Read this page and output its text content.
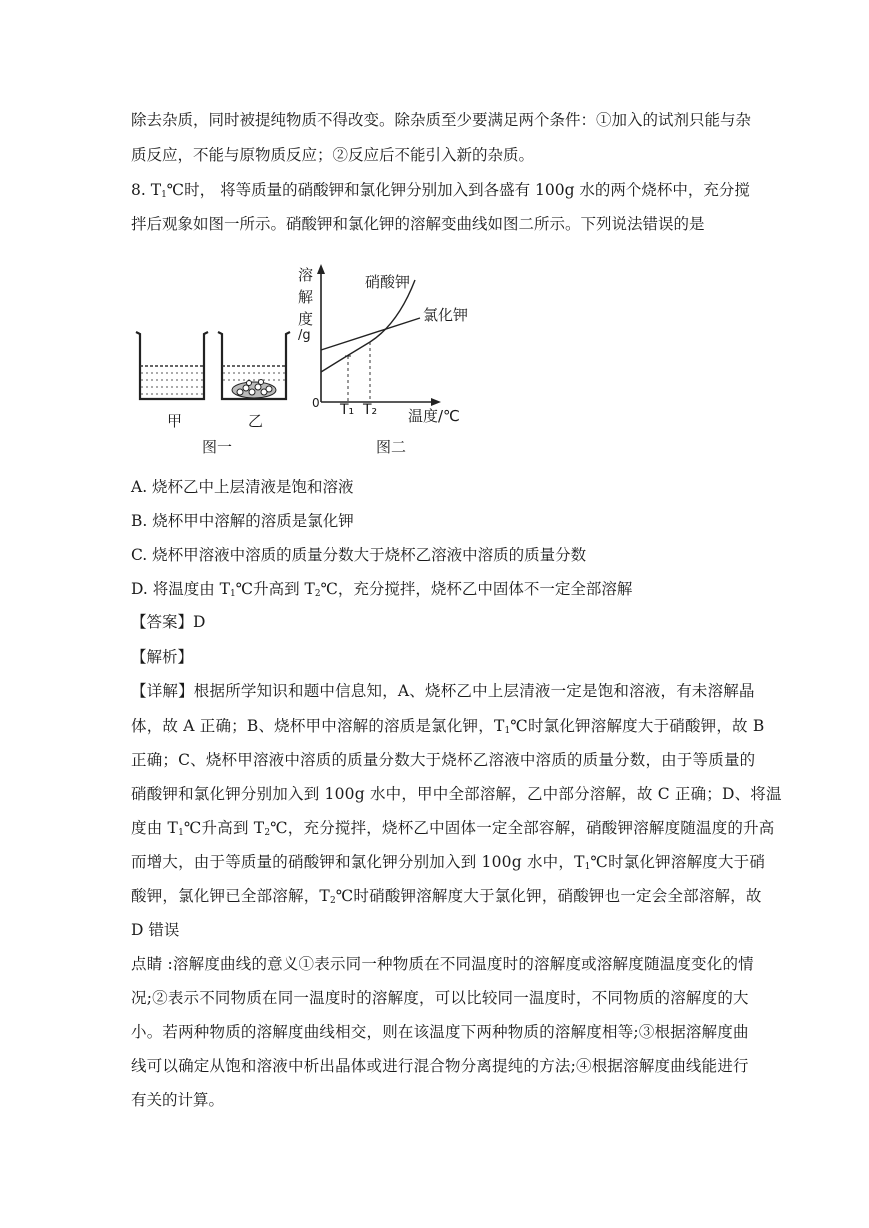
除去杂质，同时被提纯物质不得改变。除杂质至少要满足两个条件：①加入的试剂只能与杂
质反应，不能与原物质反应；②反应后不能引入新的杂质。
8. $T_1℃$时， 将等质量的硝酸钾和氯化钾分别加入到各盛有 100g 水的两个烧杯中，充分搅
拌后观象如图一所示。硝酸钾和氯化钾的溶解变曲线如图二所示。下列说法错误的是
甲	乙
图一	图二
溶
解
度
/g
0 T₁ T₂ 温度/℃
硝酸钾
氯化钾
A. 烧杯乙中上层清液是饱和溶液
B. 烧杯甲中溶解的溶质是氯化钾
C. 烧杯甲溶液中溶质的质量分数大于烧杯乙溶液中溶质的质量分数
D. 将温度由 $T_1℃$升高到 $T_2℃$，充分搅拌，烧杯乙中固体不一定全部溶解
【答案】D
【解析】
【详解】根据所学知识和题中信息知，A、烧杯乙中上层清液一定是饱和溶液，有未溶解晶
体，故 A 正确；B、烧杯甲中溶解的溶质是氯化钾，$T_1℃$时氯化钾溶解度大于硝酸钾，故 B
正确；C、烧杯甲溶液中溶质的质量分数大于烧杯乙溶液中溶质的质量分数，由于等质量的
硝酸钾和氯化钾分别加入到 100g 水中，甲中全部溶解，乙中部分溶解，故 C 正确；D、将温
度由 $T_1℃$升高到 $T_2℃$，充分搅拌，烧杯乙中固体一定全部容解，硝酸钾溶解度随温度的升高
而增大，由于等质量的硝酸钾和氯化钾分别加入到 100g 水中，$T_1℃$时氯化钾溶解度大于硝
酸钾，氯化钾已全部溶解，$T_2℃$时硝酸钾溶解度大于氯化钾，硝酸钾也一定会全部溶解，故
D 错误
点睛 :溶解度曲线的意义①表示同一种物质在不同温度时的溶解度或溶解度随温度变化的情
况;②表示不同物质在同一温度时的溶解度，可以比较同一温度时，不同物质的溶解度的大
小。若两种物质的溶解度曲线相交，则在该温度下两种物质的溶解度相等;③根据溶解度曲
线可以确定从饱和溶液中析出晶体或进行混合物分离提纯的方法;④根据溶解度曲线能进行
有关的计算。
